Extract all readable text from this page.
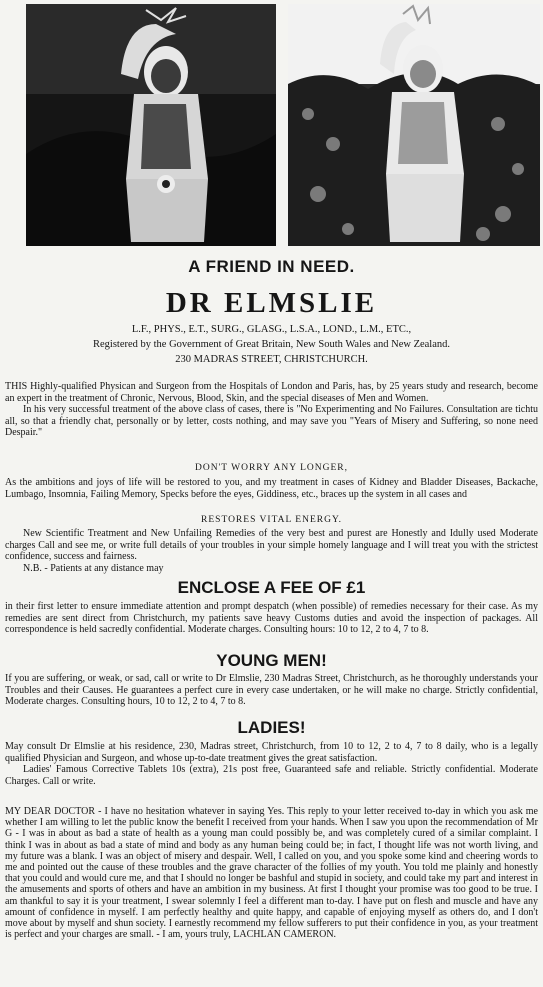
A FRIEND IN NEED.
DR ELMSLIE
L.F., PHYS., E.T., SURG., GLASG., L.S.A., LOND., L.M., ETC.,
Registered by the Government of Great Britain, New South Wales and New Zealand.
230 MADRAS STREET, CHRISTCHURCH.

THIS Highly-qualified Physican and Surgeon from the Hospitals of London and Paris, has, by 25 years study and research, become an expert in the treatment of Chronic, Nervous, Blood, Skin, and the special diseases of Men and Women.

In his very successful treatment of the above class of cases, there is "No Experimenting and No Failures. Consultation are tichtu all, so that a friendly chat, personally or by letter, costs nothing, and may save you "Years of Misery and Suffering, so none need Despair."

DON'T WORRY ANY LONGER,
As the ambitions and joys of life will be restored to you, and my treatment in cases of Kidney and Bladder Diseases, Backache, Lumbago, Insomnia, Failing Memory, Specks before the eyes, Giddiness, etc., braces up the system in all cases and
RESTORES VITAL ENERGY.

New Scientific Treatment and New Unfailing Remedies of the very best and purest are Honestly and Idully used Moderate charges Call and see me, or write full details of your troubles in your simple homely language and I will treat you with the strictest confidence, success and fairness.

N.B. - Patients at any distance may

ENCLOSE A FEE OF £1
in their first letter to ensure immediate attention and prompt despatch (when possible) of remedies necessary for their case. As my remedies are sent direct from Christchurch, my patients save heavy Customs duties and avoid the inspection of packages. All correspondence is held sacredly confidential. Moderate charges. Consulting hours: 10 to 12, 2 to 4, 7 to 8.
YOUNG MEN!
If you are suffering, or weak, or sad, call or write to Dr Elmslie, 230 Madras Street, Christchurch, as he thoroughly understands your Troubles and their Causes. He guarantees a perfect cure in every case undertaken, or he will make no charge. Strictly confidential, Moderate charges. Consulting hours, 10 to 12, 2 to 4, 7 to 8.
LADIES!

May consult Dr Elmslie at his residence, 230, Madras street, Christchurch, from 10 to 12, 2 to 4, 7 to 8 daily, who is a legally qualified Physician and Surgeon, and whose up-to-date treatment gives the great satisfaction.

Ladies' Famous Corrective Tablets 10s (extra), 21s post free, Guaranteed safe and reliable. Strictly confidential. Moderate Charges. Call or write.

MY DEAR DOCTOR - I have no hesitation whatever in saying Yes. This reply to your letter received to-day in which you ask me whether I am willing to let the public know the benefit I received from your hands. When I saw you upon the recommendation of Mr G - I was in about as bad a state of health as a young man could possibly be, and was completely cured of a similar complaint. I think I was in about as bad a state of mind and body as any human being could be; in fact, I thought life was not worth living, and my future was a blank. I was an object of misery and despair. Well, I called on you, and you spoke some kind and cheering words to me and pointed out the cause of these troubles and the grave character of the follies of my youth. You told me plainly and honestly that you could and would cure me, and that I should no longer be bashful and stupid in society, and could take my part and interest in the amusements and sports of others and have an ambition in my business. At first I thought your promise was too good to be true. I am thankful to say it is your treatment, I swear solemnly I feel a different man to-day. I have put on flesh and muscle and have any amount of confidence in myself. I am perfectly healthy and quite happy, and capable of enjoying myself as others do, and I don't move about by myself and shun society. I earnestly recommend my fellow sufferers to put their confidence in you, as your treatment is perfect and your charges are small. - I am, yours truly, LACHLAN CAMERON.
